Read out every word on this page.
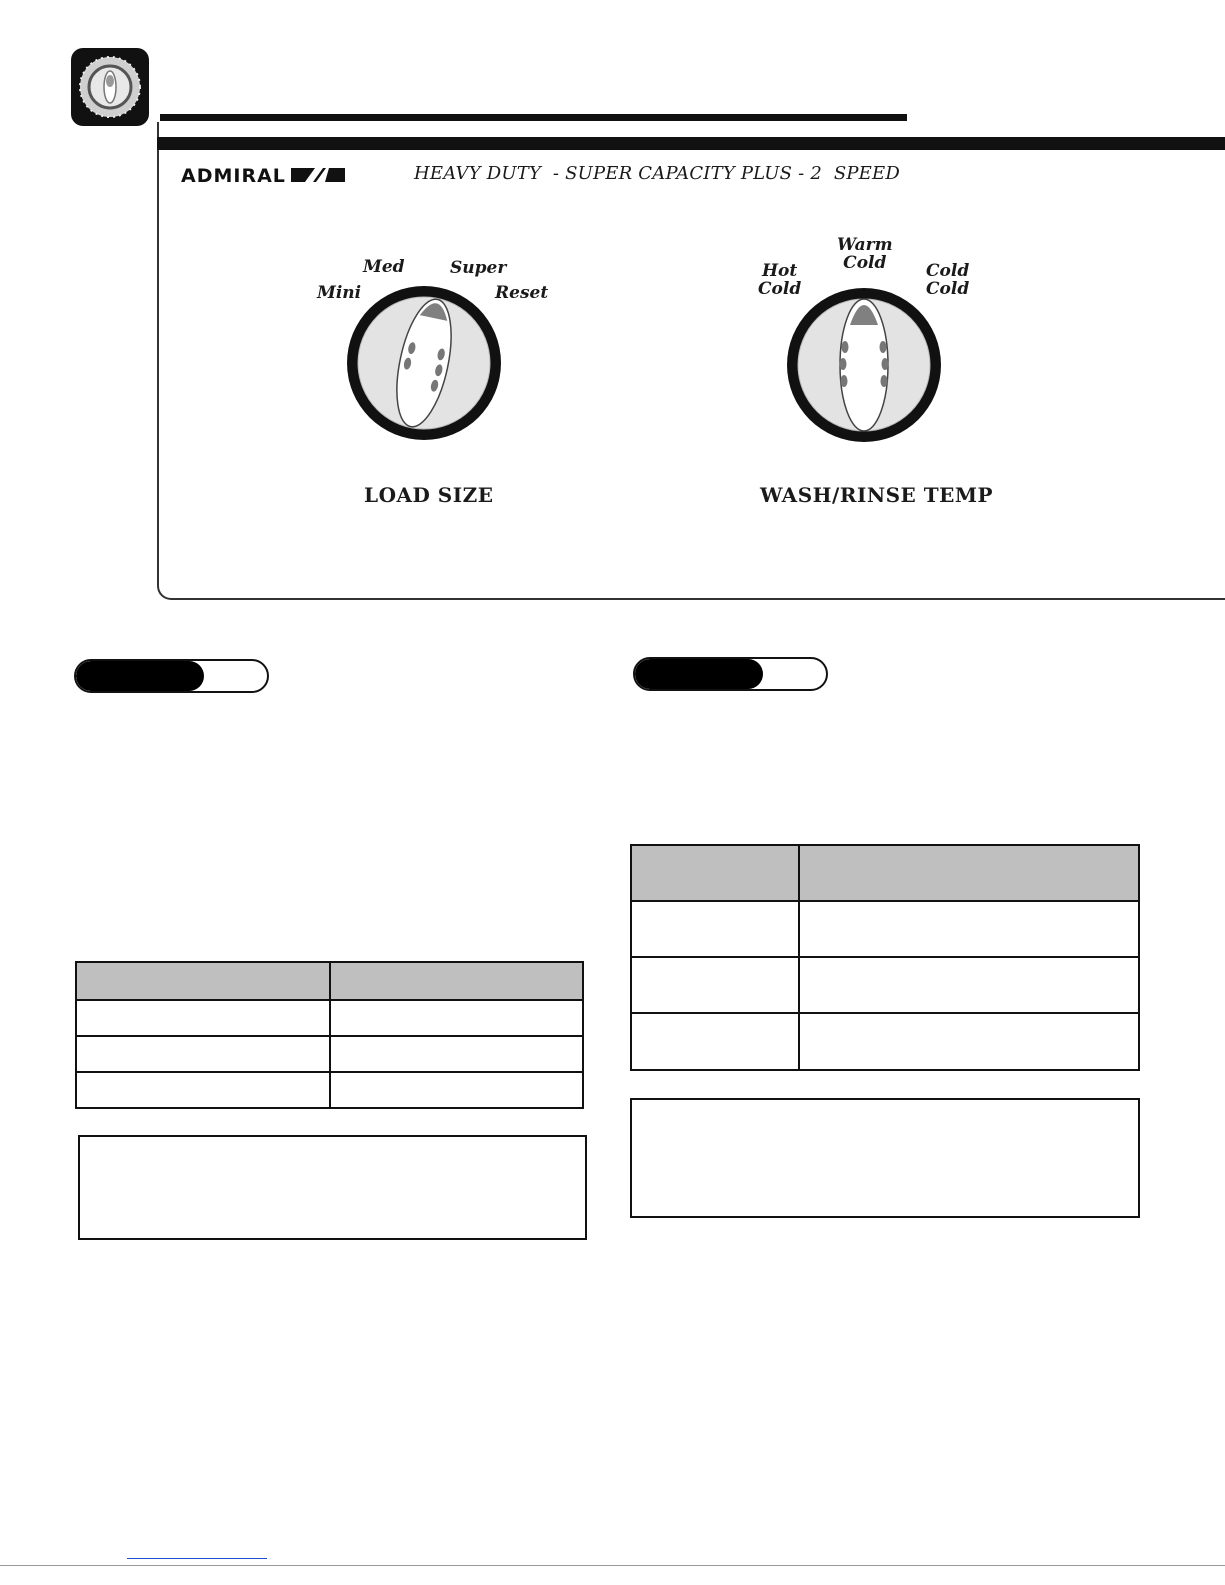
ADMIRAL	HEAVY DUTY  - SUPER CAPACITY PLUS - 2  SPEED
Mini
Med	Super
Reset
LOAD SIZE
Hot
Cold
Warm
Cold	Cold
Cold
WASH/RINSE TEMP
